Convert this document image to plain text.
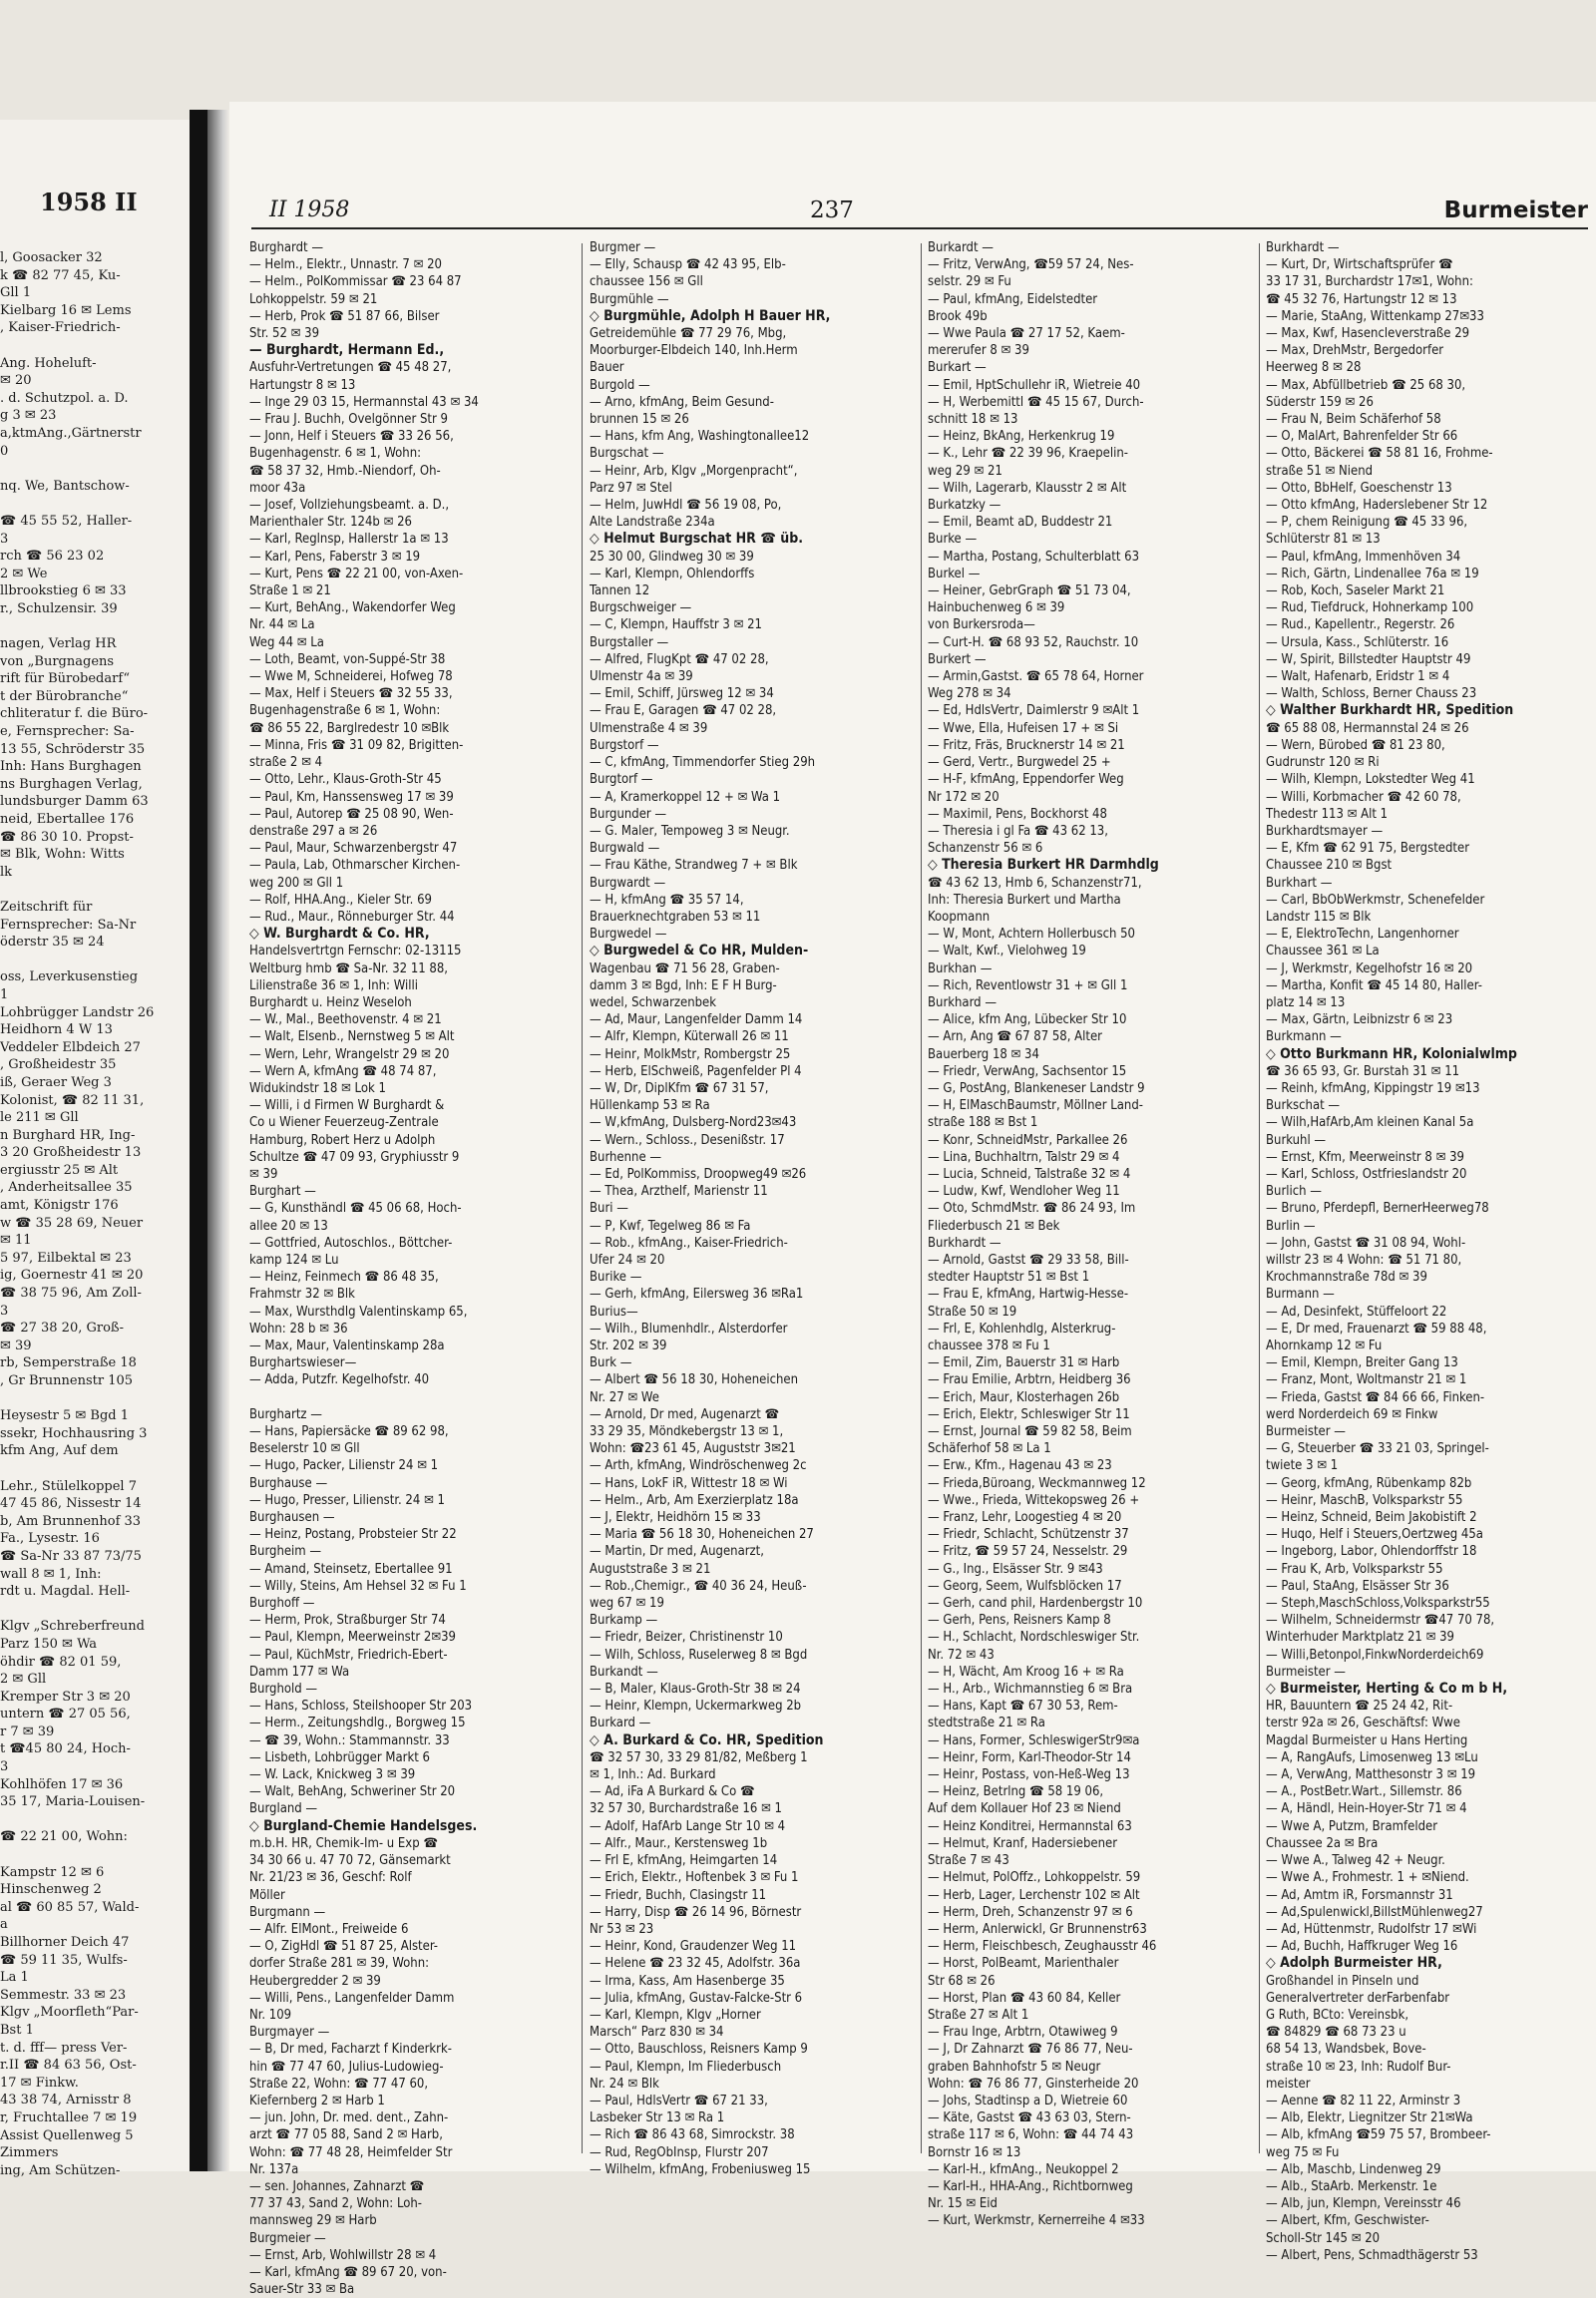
1958 II
l, Goosacker 32
k ☎ 82 77 45, Ku-
Gll 1
Kielbarg 16 ✉ Lems
, Kaiser-Friedrich-

Ang. Hoheluft-
✉ 20
. d. Schutzpol. a. D.
g 3 ✉ 23
a,ktmAng.,Gärtnerstr
0

nq. We, Bantschow-

☎ 45 55 52, Haller-
3
rch ☎ 56 23 02
2 ✉ We
llbrookstieg 6 ✉ 33
r., Schulzensir. 39

nagen, Verlag HR
von „Burgnagens
rift für Bürobedarf“
t der Bürobranche“
chliteratur f. die Büro-
e, Fernsprecher: Sa-
13 55, Schröderstr 35
Inh: Hans Burghagen
ns Burghagen Verlag,
lundsburger Damm 63
neid, Ebertallee 176
☎ 86 30 10. Propst-
✉ Blk, Wohn: Witts
lk

Zeitschrift für
Fernsprecher: Sa-Nr
öderstr 35 ✉ 24

oss, Leverkusenstieg
1
Lohbrügger Landstr 26
Heidhorn 4 W 13
Veddeler Elbdeich 27
, Großheidestr 35
iß, Geraer Weg 3
Kolonist, ☎ 82 11 31,
le 211 ✉ Gll
n Burghard HR, Ing-
3 20 Großheidestr 13
ergiusstr 25 ✉ Alt
, Anderheitsallee 35
amt, Königstr 176
w ☎ 35 28 69, Neuer
✉ 11
5 97, Eilbektal ✉ 23
ig, Goernestr 41 ✉ 20
☎ 38 75 96, Am Zoll-
3
☎ 27 38 20, Groß-
✉ 39
rb, Semperstraße 18
, Gr Brunnenstr 105

Heysestr 5 ✉ Bgd 1
ssekr, Hochhausring 3
kfm Ang, Auf dem

Lehr., Stülelkoppel 7
47 45 86, Nissestr 14
b, Am Brunnenhof 33
Fa., Lysestr. 16
☎ Sa-Nr 33 87 73/75
wall 8 ✉ 1, Inh:
rdt u. Magdal. Hell-

Klgv „Schreberfreund
Parz 150 ✉ Wa
öhdir ☎ 82 01 59,
2 ✉ Gll
Kremper Str 3 ✉ 20
untern ☎ 27 05 56,
r 7 ✉ 39
t ☎45 80 24, Hoch-
3
Kohlhöfen 17 ✉ 36
35 17, Maria-Louisen-

☎ 22 21 00, Wohn:

Kampstr 12 ✉ 6
Hinschenweg 2
al ☎ 60 85 57, Wald-
a
Billhorner Deich 47
☎ 59 11 35, Wulfs-
La 1
Semmestr. 33 ✉ 23
Klgv „Moorfleth“Par-
Bst 1
t. d. fff— press Ver-
r.II ☎ 84 63 56, Ost-
17 ✉ Finkw.
43 38 74, Arnisstr 8
r, Fruchtallee 7 ✉ 19
Assist Quellenweg 5
Zimmers
ing, Am Schützen-
II 1958	237	Burmeister
Burghardt —
— Helm., Elektr., Unnastr. 7 ✉ 20
— Helm., PolKommissar ☎ 23 64 87
Lohkoppelstr. 59 ✉ 21
— Herb, Prok ☎ 51 87 66, Bilser
Str. 52 ✉ 39
— Burghardt, Hermann Ed.,
Ausfuhr-Vertretungen ☎ 45 48 27,
Hartungstr 8 ✉ 13
— Inge 29 03 15, Hermannstal 43 ✉ 34
— Frau J. Buchh, Ovelgönner Str 9
— Jonn, Helf i Steuers ☎ 33 26 56,
Bugenhagenstr. 6 ✉ 1, Wohn:
☎ 58 37 32, Hmb.-Niendorf, Oh-
moor 43a
— Josef, Vollziehungsbeamt. a. D.,
Marienthaler Str. 124b ✉ 26
— Karl, Reglnsp, Hallerstr 1a ✉ 13
— Karl, Pens, Faberstr 3 ✉ 19
— Kurt, Pens ☎ 22 21 00, von-Axen-
Straße 1 ✉ 21
— Kurt, BehAng., Wakendorfer Weg
Nr. 44 ✉ La
Weg 44 ✉ La
— Loth, Beamt, von-Suppé-Str 38
— Wwe M, Schneiderei, Hofweg 78
— Max, Helf i Steuers ☎ 32 55 33,
Bugenhagenstraße 6 ✉ 1, Wohn:
☎ 86 55 22, Barglredestr 10 ✉Blk
— Minna, Fris ☎ 31 09 82, Brigitten-
straße 2 ✉ 4
— Otto, Lehr., Klaus-Groth-Str 45
— Paul, Km, Hanssensweg 17 ✉ 39
— Paul, Autorep ☎ 25 08 90, Wen-
denstraße 297 a ✉ 26
— Paul, Maur, Schwarzenbergstr 47
— Paula, Lab, Othmarscher Kirchen-
weg 200 ✉ Gll 1
— Rolf, HHA.Ang., Kieler Str. 69
— Rud., Maur., Rönneburger Str. 44
◇ W. Burghardt & Co. HR,
Handelsvertrtgn Fernschr: 02-13115
Weltburg hmb ☎ Sa-Nr. 32 11 88,
Lilienstraße 36 ✉ 1, Inh: Willi
Burghardt u. Heinz Weseloh
— W., Mal., Beethovenstr. 4 ✉ 21
— Walt, Elsenb., Nernstweg 5 ✉ Alt
— Wern, Lehr, Wrangelstr 29 ✉ 20
— Wern A, kfmAng ☎ 48 74 87,
Widukindstr 18 ✉ Lok 1
— Willi, i d Firmen W Burghardt &
Co u Wiener Feuerzeug-Zentrale
Hamburg, Robert Herz u Adolph
Schultze ☎ 47 09 93, Gryphiusstr 9
✉ 39
Burghart —
— G, Kunsthändl ☎ 45 06 68, Hoch-
allee 20 ✉ 13
— Gottfried, Autoschlos., Böttcher-
kamp 124 ✉ Lu
— Heinz, Feinmech ☎ 86 48 35,
Frahmstr 32 ✉ Blk
— Max, Wursthdlg Valentinskamp 65,
Wohn: 28 b ✉ 36
— Max, Maur, Valentinskamp 28a
Burghartswieser—
— Adda, Putzfr. Kegelhofstr. 40

Burghartz —
— Hans, Papiersäcke ☎ 89 62 98,
Beselerstr 10 ✉ Gll
— Hugo, Packer, Lilienstr 24 ✉ 1
Burghause —
— Hugo, Presser, Lilienstr. 24 ✉ 1
Burghausen —
— Heinz, Postang, Probsteier Str 22
Burgheim —
— Amand, Steinsetz, Ebertallee 91
— Willy, Steins, Am Hehsel 32 ✉ Fu 1
Burghoff —
— Herm, Prok, Straßburger Str 74
— Paul, Klempn, Meerweinstr 2✉39
— Paul, KüchMstr, Friedrich-Ebert-
Damm 177 ✉ Wa
Burghold —
— Hans, Schloss, Steilshooper Str 203
— Herm., Zeitungshdlg., Borgweg 15
— ☎ 39, Wohn.: Stammannstr. 33
— Lisbeth, Lohbrügger Markt 6
— W. Lack, Knickweg 3 ✉ 39
— Walt, BehAng, Schweriner Str 20
Burgland —
◇ Burgland-Chemie Handelsges.
m.b.H. HR, Chemik-Im- u Exp ☎
34 30 66 u. 47 70 72, Gänsemarkt
Nr. 21/23 ✉ 36, Geschf: Rolf
Möller
Burgmann —
— Alfr. ElMont., Freiweide 6
— O, ZigHdl ☎ 51 87 25, Alster-
dorfer Straße 281 ✉ 39, Wohn:
Heubergredder 2 ✉ 39
— Willi, Pens., Langenfelder Damm
Nr. 109
Burgmayer —
— B, Dr med, Facharzt f Kinderkrk-
hin ☎ 77 47 60, Julius-Ludowieg-
Straße 22, Wohn: ☎ 77 47 60,
Kiefernberg 2 ✉ Harb 1
— jun. John, Dr. med. dent., Zahn-
arzt ☎ 77 05 88, Sand 2 ✉ Harb,
Wohn: ☎ 77 48 28, Heimfelder Str
Nr. 137a
— sen. Johannes, Zahnarzt ☎
77 37 43, Sand 2, Wohn: Loh-
mannsweg 29 ✉ Harb
Burgmeier —
— Ernst, Arb, Wohlwillstr 28 ✉ 4
— Karl, kfmAng ☎ 89 67 20, von-
Sauer-Str 33 ✉ Ba
Burgmer —
— Elly, Schausp ☎ 42 43 95, Elb-
chaussee 156 ✉ Gll
Burgmühle —
◇ Burgmühle, Adolph H Bauer HR,
Getreidemühle ☎ 77 29 76, Mbg,
Moorburger-Elbdeich 140, Inh.Herm
Bauer
Burgold —
— Arno, kfmAng, Beim Gesund-
brunnen 15 ✉ 26
— Hans, kfm Ang, Washingtonallee12
Burgschat —
— Heinr, Arb, Klgv „Morgenpracht“,
Parz 97 ✉ Stel
— Helm, JuwHdl ☎ 56 19 08, Po,
Alte Landstraße 234a
◇ Helmut Burgschat HR ☎ üb.
25 30 00, Glindweg 30 ✉ 39
— Karl, Klempn, Ohlendorffs
Tannen 12
Burgschweiger —
— C, Klempn, Hauffstr 3 ✉ 21
Burgstaller —
— Alfred, FlugKpt ☎ 47 02 28,
Ulmenstr 4a ✉ 39
— Emil, Schiff, Jürsweg 12 ✉ 34
— Frau E, Garagen ☎ 47 02 28,
Ulmenstraße 4 ✉ 39
Burgstorf —
— C, kfmAng, Timmendorfer Stieg 29h
Burgtorf —
— A, Kramerkoppel 12 + ✉ Wa 1
Burgunder —
— G. Maler, Tempoweg 3 ✉ Neugr.
Burgwald —
— Frau Käthe, Strandweg 7 + ✉ Blk
Burgwardt —
— H, kfmAng ☎ 35 57 14,
Brauerknechtgraben 53 ✉ 11
Burgwedel —
◇ Burgwedel & Co HR, Mulden-
Wagenbau ☎ 71 56 28, Graben-
damm 3 ✉ Bgd, Inh: E F H Burg-
wedel, Schwarzenbek
— Ad, Maur, Langenfelder Damm 14
— Alfr, Klempn, Küterwall 26 ✉ 11
— Heinr, MolkMstr, Rombergstr 25
— Herb, ElSchweiß, Pagenfelder Pl 4
— W, Dr, DiplKfm ☎ 67 31 57,
Hüllenkamp 53 ✉ Ra
— W,kfmAng, Dulsberg-Nord23✉43
— Wern., Schloss., Desenißstr. 17
Burhenne —
— Ed, PolKommiss, Droopweg49 ✉26
— Thea, Arzthelf, Marienstr 11
Buri —
— P, Kwf, Tegelweg 86 ✉ Fa
— Rob., kfmAng., Kaiser-Friedrich-
Ufer 24 ✉ 20
Burike —
— Gerh, kfmAng, Eilersweg 36 ✉Ra1
Burius—
— Wilh., Blumenhdlr., Alsterdorfer
Str. 202 ✉ 39
Burk —
— Albert ☎ 56 18 30, Hoheneichen
Nr. 27 ✉ We
— Arnold, Dr med, Augenarzt ☎
33 29 35, Möndkebergstr 13 ✉ 1,
Wohn: ☎23 61 45, Auguststr 3✉21
— Arth, kfmAng, Windröschenweg 2c
— Hans, LokF iR, Wittestr 18 ✉ Wi
— Helm., Arb, Am Exerzierplatz 18a
— J, Elektr, Heidhörn 15 ✉ 33
— Maria ☎ 56 18 30, Hoheneichen 27
— Martin, Dr med, Augenarzt,
Auguststraße 3 ✉ 21
— Rob.,Chemigr., ☎ 40 36 24, Heuß-
weg 67 ✉ 19
Burkamp —
— Friedr, Beizer, Christinenstr 10
— Wilh, Schloss, Ruselerweg 8 ✉ Bgd
Burkandt —
— B, Maler, Klaus-Groth-Str 38 ✉ 24
— Heinr, Klempn, Uckermarkweg 2b
Burkard —
◇ A. Burkard & Co. HR, Spedition
☎ 32 57 30, 33 29 81/82, Meßberg 1
✉ 1, Inh.: Ad. Burkard
— Ad, iFa A Burkard & Co ☎
32 57 30, Burchardstraße 16 ✉ 1
— Adolf, HafArb Lange Str 10 ✉ 4
— Alfr., Maur., Kerstensweg 1b
— Frl E, kfmAng, Heimgarten 14
— Erich, Elektr., Hoftenbek 3 ✉ Fu 1
— Friedr, Buchh, Clasingstr 11
— Harry, Disp ☎ 26 14 96, Börnestr
Nr 53 ✉ 23
— Heinr, Kond, Graudenzer Weg 11
— Helene ☎ 23 32 45, Adolfstr. 36a
— Irma, Kass, Am Hasenberge 35
— Julia, kfmAng, Gustav-Falcke-Str 6
— Karl, Klempn, Klgv „Horner
Marsch“ Parz 830 ✉ 34
— Otto, Bauschloss, Reisners Kamp 9
— Paul, Klempn, Im Fliederbusch
Nr. 24 ✉ Blk
— Paul, HdlsVertr ☎ 67 21 33,
Lasbeker Str 13 ✉ Ra 1
— Rich ☎ 86 43 68, Simrockstr. 38
— Rud, RegObInsp, Flurstr 207
— Wilhelm, kfmAng, Frobeniusweg 15
Burkardt —
— Fritz, VerwAng, ☎59 57 24, Nes-
selstr. 29 ✉ Fu
— Paul, kfmAng, Eidelstedter
Brook 49b
— Wwe Paula ☎ 27 17 52, Kaem-
mererufer 8 ✉ 39
Burkart —
— Emil, HptSchullehr iR, Wietreie 40
— H, Werbemittl ☎ 45 15 67, Durch-
schnitt 18 ✉ 13
— Heinz, BkAng, Herkenkrug 19
— K., Lehr ☎ 22 39 96, Kraepelin-
weg 29 ✉ 21
— Wilh, Lagerarb, Klausstr 2 ✉ Alt
Burkatzky —
— Emil, Beamt aD, Buddestr 21
Burke —
— Martha, Postang, Schulterblatt 63
Burkel —
— Heiner, GebrGraph ☎ 51 73 04,
Hainbuchenweg 6 ✉ 39
von Burkersroda—
— Curt-H. ☎ 68 93 52, Rauchstr. 10
Burkert —
— Armin,Gastst. ☎ 65 78 64, Horner
Weg 278 ✉ 34
— Ed, HdlsVertr, Daimlerstr 9 ✉Alt 1
— Wwe, Ella, Hufeisen 17 + ✉ Si
— Fritz, Fräs, Brucknerstr 14 ✉ 21
— Gerd, Vertr., Burgwedel 25 +
— H-F, kfmAng, Eppendorfer Weg
Nr 172 ✉ 20
— Maximil, Pens, Bockhorst 48
— Theresia i gl Fa ☎ 43 62 13,
Schanzenstr 56 ✉ 6
◇ Theresia Burkert HR Darmhdlg
☎ 43 62 13, Hmb 6, Schanzenstr71,
Inh: Theresia Burkert und Martha
Koopmann
— W, Mont, Achtern Hollerbusch 50
— Walt, Kwf., Vielohweg 19
Burkhan —
— Rich, Reventlowstr 31 + ✉ Gll 1
Burkhard —
— Alice, kfm Ang, Lübecker Str 10
— Arn, Ang ☎ 67 87 58, Alter
Bauerberg 18 ✉ 34
— Friedr, VerwAng, Sachsentor 15
— G, PostAng, Blankeneser Landstr 9
— H, ElMaschBaumstr, Möllner Land-
straße 188 ✉ Bst 1
— Konr, SchneidMstr, Parkallee 26
— Lina, Buchhaltrn, Talstr 29 ✉ 4
— Lucia, Schneid, Talstraße 32 ✉ 4
— Ludw, Kwf, Wendloher Weg 11
— Oto, SchmdMstr. ☎ 86 24 93, Im
Fliederbusch 21 ✉ Bek
Burkhardt —
— Arnold, Gastst ☎ 29 33 58, Bill-
stedter Hauptstr 51 ✉ Bst 1
— Frau E, kfmAng, Hartwig-Hesse-
Straße 50 ✉ 19
— Frl, E, Kohlenhdlg, Alsterkrug-
chaussee 378 ✉ Fu 1
— Emil, Zim, Bauerstr 31 ✉ Harb
— Frau Emilie, Arbtrn, Heidberg 36
— Erich, Maur, Klosterhagen 26b
— Erich, Elektr, Schleswiger Str 11
— Ernst, Journal ☎ 59 82 58, Beim
Schäferhof 58 ✉ La 1
— Erw., Kfm., Hagenau 43 ✉ 23
— Frieda,Büroang, Weckmannweg 12
— Wwe., Frieda, Wittekopsweg 26 +
— Franz, Lehr, Loogestieg 4 ✉ 20
— Friedr, Schlacht, Schützenstr 37
— Fritz, ☎ 59 57 24, Nesselstr. 29
— G., Ing., Elsässer Str. 9 ✉43
— Georg, Seem, Wulfsblöcken 17
— Gerh, cand phil, Hardenbergstr 10
— Gerh, Pens, Reisners Kamp 8
— H., Schlacht, Nordschleswiger Str.
Nr. 72 ✉ 43
— H, Wächt, Am Kroog 16 + ✉ Ra
— H., Arb., Wichmannstieg 6 ✉ Bra
— Hans, Kapt ☎ 67 30 53, Rem-
stedtstraße 21 ✉ Ra
— Hans, Former, SchleswigerStr9✉a
— Heinr, Form, Karl-Theodor-Str 14
— Heinr, Postass, von-Heß-Weg 13
— Heinz, Betrlng ☎ 58 19 06,
Auf dem Kollauer Hof 23 ✉ Niend
— Heinz Konditrei, Hermannstal 63
— Helmut, Kranf, Hadersiebener
Straße 7 ✉ 43
— Helmut, PolOffz., Lohkoppelstr. 59
— Herb, Lager, Lerchenstr 102 ✉ Alt
— Herm, Dreh, Schanzenstr 97 ✉ 6
— Herm, Anlerwickl, Gr Brunnenstr63
— Herm, Fleischbesch, Zeughausstr 46
— Horst, PolBeamt, Marienthaler
Str 68 ✉ 26
— Horst, Plan ☎ 43 60 84, Keller
Straße 27 ✉ Alt 1
— Frau Inge, Arbtrn, Otawiweg 9
— J, Dr Zahnarzt ☎ 76 86 77, Neu-
graben Bahnhofstr 5 ✉ Neugr
Wohn: ☎ 76 86 77, Ginsterheide 20
— Johs, Stadtinsp a D, Wietreie 60
— Käte, Gastst ☎ 43 63 03, Stern-
straße 117 ✉ 6, Wohn: ☎ 44 74 43
Bornstr 16 ✉ 13
— Karl-H., kfmAng., Neukoppel 2
— Karl-H., HHA-Ang., Richtbornweg
Nr. 15 ✉ Eid
— Kurt, Werkmstr, Kernerreihe 4 ✉33
Burkhardt —
— Kurt, Dr, Wirtschaftsprüfer ☎
33 17 31, Burchardstr 17✉1, Wohn:
☎ 45 32 76, Hartungstr 12 ✉ 13
— Marie, StaAng, Wittenkamp 27✉33
— Max, Kwf, Hasencleverstraße 29
— Max, DrehMstr, Bergedorfer
Heerweg 8 ✉ 28
— Max, Abfüllbetrieb ☎ 25 68 30,
Süderstr 159 ✉ 26
— Frau N, Beim Schäferhof 58
— O, MalArt, Bahrenfelder Str 66
— Otto, Bäckerei ☎ 58 81 16, Frohme-
straße 51 ✉ Niend
— Otto, BbHelf, Goeschenstr 13
— Otto kfmAng, Haderslebener Str 12
— P, chem Reinigung ☎ 45 33 96,
Schlüterstr 81 ✉ 13
— Paul, kfmAng, Immenhöven 34
— Rich, Gärtn, Lindenallee 76a ✉ 19
— Rob, Koch, Saseler Markt 21
— Rud, Tiefdruck, Hohnerkamp 100
— Rud., Kapellentr., Regerstr. 26
— Ursula, Kass., Schlüterstr. 16
— W, Spirit, Billstedter Hauptstr 49
— Walt, Hafenarb, Eridstr 1 ✉ 4
— Walth, Schloss, Berner Chauss 23
◇ Walther Burkhardt HR, Spedition
☎ 65 88 08, Hermannstal 24 ✉ 26
— Wern, Bürobed ☎ 81 23 80,
Gudrunstr 120 ✉ Ri
— Wilh, Klempn, Lokstedter Weg 41
— Willi, Korbmacher ☎ 42 60 78,
Thedestr 113 ✉ Alt 1
Burkhardtsmayer —
— E, Kfm ☎ 62 91 75, Bergstedter
Chaussee 210 ✉ Bgst
Burkhart —
— Carl, BbObWerkmstr, Schenefelder
Landstr 115 ✉ Blk
— E, ElektroTechn, Langenhorner
Chaussee 361 ✉ La
— J, Werkmstr, Kegelhofstr 16 ✉ 20
— Martha, Konfit ☎ 45 14 80, Haller-
platz 14 ✉ 13
— Max, Gärtn, Leibnizstr 6 ✉ 23
Burkmann —
◇ Otto Burkmann HR, Kolonialwlmp
☎ 36 65 93, Gr. Burstah 31 ✉ 11
— Reinh, kfmAng, Kippingstr 19 ✉13
Burkschat —
— Wilh,HafArb,Am kleinen Kanal 5a
Burkuhl —
— Ernst, Kfm, Meerweinstr 8 ✉ 39
— Karl, Schloss, Ostfrieslandstr 20
Burlich —
— Bruno, Pferdepfl, BernerHeerweg78
Burlin —
— John, Gastst ☎ 31 08 94, Wohl-
willstr 23 ✉ 4 Wohn: ☎ 51 71 80,
Krochmannstraße 78d ✉ 39
Burmann —
— Ad, Desinfekt, Stüffeloort 22
— E, Dr med, Frauenarzt ☎ 59 88 48,
Ahornkamp 12 ✉ Fu
— Emil, Klempn, Breiter Gang 13
— Franz, Mont, Woltmanstr 21 ✉ 1
— Frieda, Gastst ☎ 84 66 66, Finken-
werd Norderdeich 69 ✉ Finkw
Burmeister —
— G, Steuerber ☎ 33 21 03, Springel-
twiete 3 ✉ 1
— Georg, kfmAng, Rübenkamp 82b
— Heinr, MaschB, Volksparkstr 55
— Heinz, Schneid, Beim Jakobistift 2
— Huqo, Helf i Steuers,Oertzweg 45a
— Ingeborg, Labor, Ohlendorffstr 18
— Frau K, Arb, Volksparkstr 55
— Paul, StaAng, Elsässer Str 36
— Steph,MaschSchloss,Volksparkstr55
— Wilhelm, Schneidermstr ☎47 70 78,
Winterhuder Marktplatz 21 ✉ 39
— Willi,Betonpol,FinkwNorderdeich69
Burmeister —
◇ Burmeister, Herting & Co m b H,
HR, Bauuntern ☎ 25 24 42, Rit-
terstr 92a ✉ 26, Geschäftsf: Wwe
Magdal Burmeister u Hans Herting
— A, RangAufs, Limosenweg 13 ✉Lu
— A, VerwAng, Matthesonstr 3 ✉ 19
— A., PostBetr.Wart., Sillemstr. 86
— A, Händl, Hein-Hoyer-Str 71 ✉ 4
— Wwe A, Putzm, Bramfelder
Chaussee 2a ✉ Bra
— Wwe A., Talweg 42 + Neugr.
— Wwe A., Frohmestr. 1 + ✉Niend.
— Ad, Amtm iR, Forsmannstr 31
— Ad,Spulenwickl,BillstMühlenweg27
— Ad, Hüttenmstr, Rudolfstr 17 ✉Wi
— Ad, Buchh, Haffkruger Weg 16
◇ Adolph Burmeister HR,
Großhandel in Pinseln und
Generalvertreter derFarbenfabr
G Ruth, BCto: Vereinsbk,
☎ 84829 ☎ 68 73 23 u
68 54 13, Wandsbek, Bove-
straße 10 ✉ 23, Inh: Rudolf Bur-
meister
— Aenne ☎ 82 11 22, Arminstr 3
— Alb, Elektr, Liegnitzer Str 21✉Wa
— Alb, kfmAng ☎59 75 57, Brombeer-
weg 75 ✉ Fu
— Alb, Maschb, Lindenweg 29
— Alb., StaArb. Merkenstr. 1e
— Alb, jun, Klempn, Vereinsstr 46
— Albert, Kfm, Geschwister-
Scholl-Str 145 ✉ 20
— Albert, Pens, Schmadthägerstr 53
